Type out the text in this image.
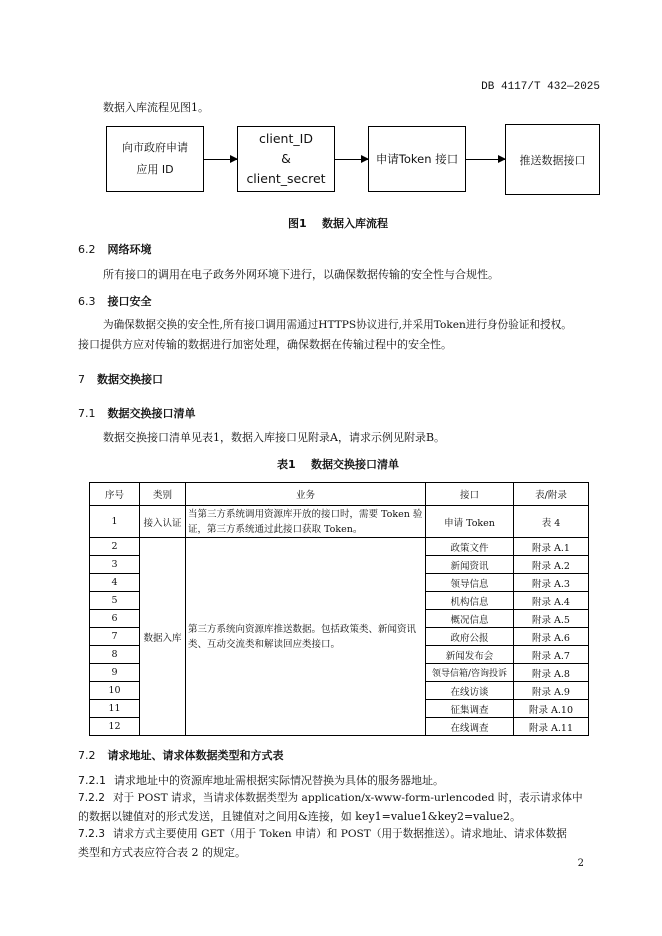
DB 4117/T 432—2025
数据入库流程见图1。
向市政府申请
应用 ID
client_ID
&
client_secret
申请Token 接口	推送数据接口
图1    数据入库流程
6.2 网络环境
所有接口的调用在电子政务外网环境下进行，以确保数据传输的安全性与合规性。
6.3 接口安全
为确保数据交换的安全性,所有接口调用需通过HTTPS协议进行,并采用Token进行身份验证和授权。
接口提供方应对传输的数据进行加密处理，确保数据在传输过程中的安全性。
7 数据交换接口
7.1 数据交换接口清单
数据交换接口清单见表1，数据入库接口见附录A，请求示例见附录B。
表1    数据交换接口清单
序号	类别	业务	接口	表/附录
1	接入认证	当第三方系统调用资源库开放的接口时，需要 Token 验证，第三方系统通过此接口获取 Token。	申请 Token	表 4
2	数据入库	第三方系统向资源库推送数据。包括政策类、新闻资讯类、互动交流类和解读回应类接口。	政策文件	附录 A.1
3			新闻资讯	附录 A.2
4			领导信息	附录 A.3
5			机构信息	附录 A.4
6			概况信息	附录 A.5
7			政府公报	附录 A.6
8			新闻发布会	附录 A.7
9			领导信箱/咨询投诉	附录 A.8
10			在线访谈	附录 A.9
11			征集调查	附录 A.10
12			在线调查	附录 A.11
7.2 请求地址、请求体数据类型和方式表
7.2.1 请求地址中的资源库地址需根据实际情况替换为具体的服务器地址。
7.2.2 对于 POST 请求，当请求体数据类型为 application/x-www-form-urlencoded 时，表示请求体中
的数据以键值对的形式发送，且键值对之间用&连接，如 key1=value1&key2=value2。
7.2.3 请求方式主要使用 GET（用于 Token 申请）和 POST（用于数据推送）。请求地址、请求体数据
类型和方式表应符合表 2 的规定。
2
